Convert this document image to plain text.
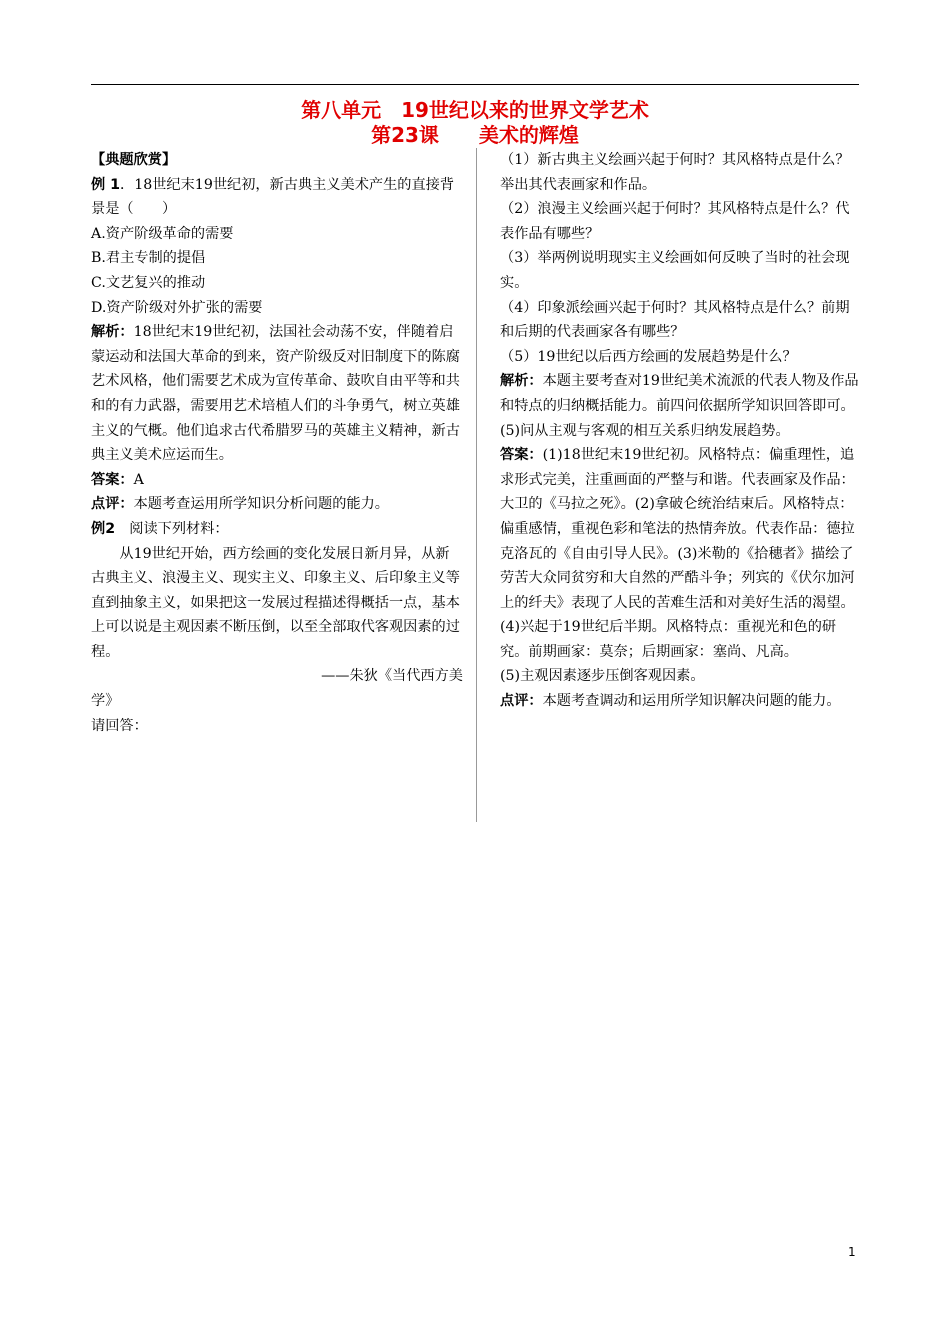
第八单元　19世纪以来的世界文学艺术
第23课　　美术的辉煌

【典题欣赏】

例 1．18世纪末19世纪初，新古典主义美术产生的直接背景是（　　）

A.资产阶级革命的需要

B.君主专制的提倡

C.文艺复兴的推动

D.资产阶级对外扩张的需要

解析：18世纪末19世纪初，法国社会动荡不安，伴随着启蒙运动和法国大革命的到来，资产阶级反对旧制度下的陈腐艺术风格，他们需要艺术成为宣传革命、鼓吹自由平等和共和的有力武器，需要用艺术培植人们的斗争勇气，树立英雄主义的气概。他们追求古代希腊罗马的英雄主义精神，新古典主义美术应运而生。

答案：A

点评：本题考查运用所学知识分析问题的能力。

例2　阅读下列材料：

从19世纪开始，西方绘画的变化发展日新月异，从新古典主义、浪漫主义、现实主义、印象主义、后印象主义等直到抽象主义，如果把这一发展过程描述得概括一点，基本上可以说是主观因素不断压倒，以至全部取代客观因素的过程。

——朱狄《当代西方美

学》

请回答：

（1）新古典主义绘画兴起于何时？其风格特点是什么？举出其代表画家和作品。

（2）浪漫主义绘画兴起于何时？其风格特点是什么？代表作品有哪些？

（3）举两例说明现实主义绘画如何反映了当时的社会现实。

（4）印象派绘画兴起于何时？其风格特点是什么？前期和后期的代表画家各有哪些？

（5）19世纪以后西方绘画的发展趋势是什么？

解析：本题主要考查对19世纪美术流派的代表人物及作品和特点的归纳概括能力。前四问依据所学知识回答即可。(5)问从主观与客观的相互关系归纳发展趋势。

答案：(1)18世纪末19世纪初。风格特点：偏重理性，追求形式完美，注重画面的严整与和谐。代表画家及作品：大卫的《马拉之死》。(2)拿破仑统治结束后。风格特点：偏重感情，重视色彩和笔法的热情奔放。代表作品：德拉克洛瓦的《自由引导人民》。(3)米勒的《拾穗者》描绘了劳苦大众同贫穷和大自然的严酷斗争；列宾的《伏尔加河上的纤夫》表现了人民的苦难生活和对美好生活的渴望。(4)兴起于19世纪后半期。风格特点：重视光和色的研究。前期画家：莫奈；后期画家：塞尚、凡高。

(5)主观因素逐步压倒客观因素。

点评：本题考查调动和运用所学知识解决问题的能力。

1
